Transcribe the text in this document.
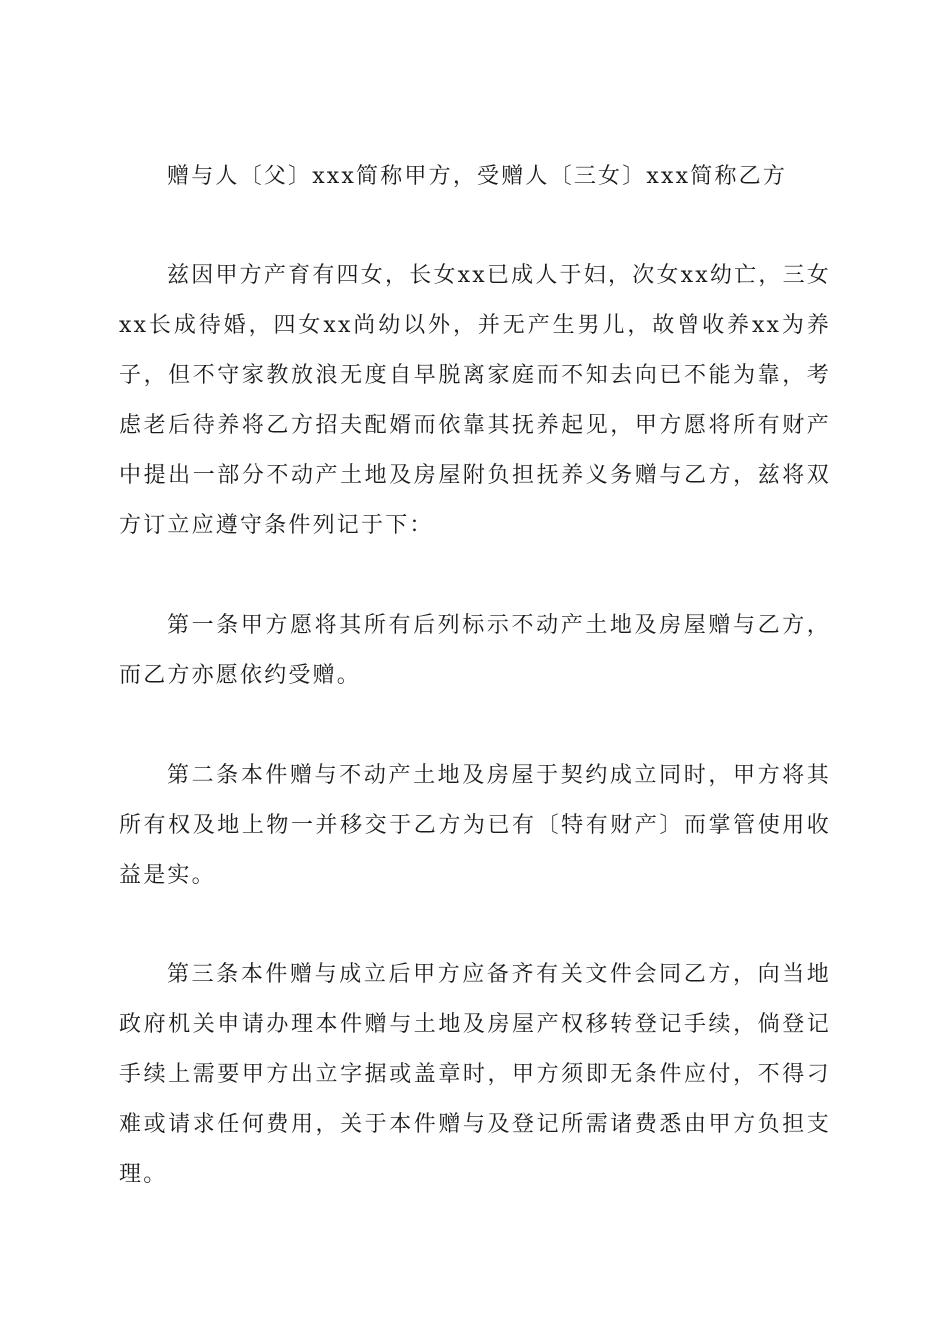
赠与人〔父〕xxx简称甲方，受赠人〔三女〕xxx简称乙方

兹因甲方产育有四女，长女xx已成人于妇，次女xx幼亡，三女xx长成待婚，四女xx尚幼以外，并无产生男儿，故曾收养xx为养子，但不守家教放浪无度自早脱离家庭而不知去向已不能为靠，考虑老后待养将乙方招夫配婿而依靠其抚养起见，甲方愿将所有财产中提出一部分不动产土地及房屋附负担抚养义务赠与乙方，兹将双方订立应遵守条件列记于下：

第一条甲方愿将其所有后列标示不动产土地及房屋赠与乙方，而乙方亦愿依约受赠。

第二条本件赠与不动产土地及房屋于契约成立同时，甲方将其所有权及地上物一并移交于乙方为已有〔特有财产〕而掌管使用收益是实。

第三条本件赠与成立后甲方应备齐有关文件会同乙方，向当地政府机关申请办理本件赠与土地及房屋产权移转登记手续，倘登记手续上需要甲方出立字据或盖章时，甲方须即无条件应付，不得刁难或请求任何费用，关于本件赠与及登记所需诸费悉由甲方负担支理。
